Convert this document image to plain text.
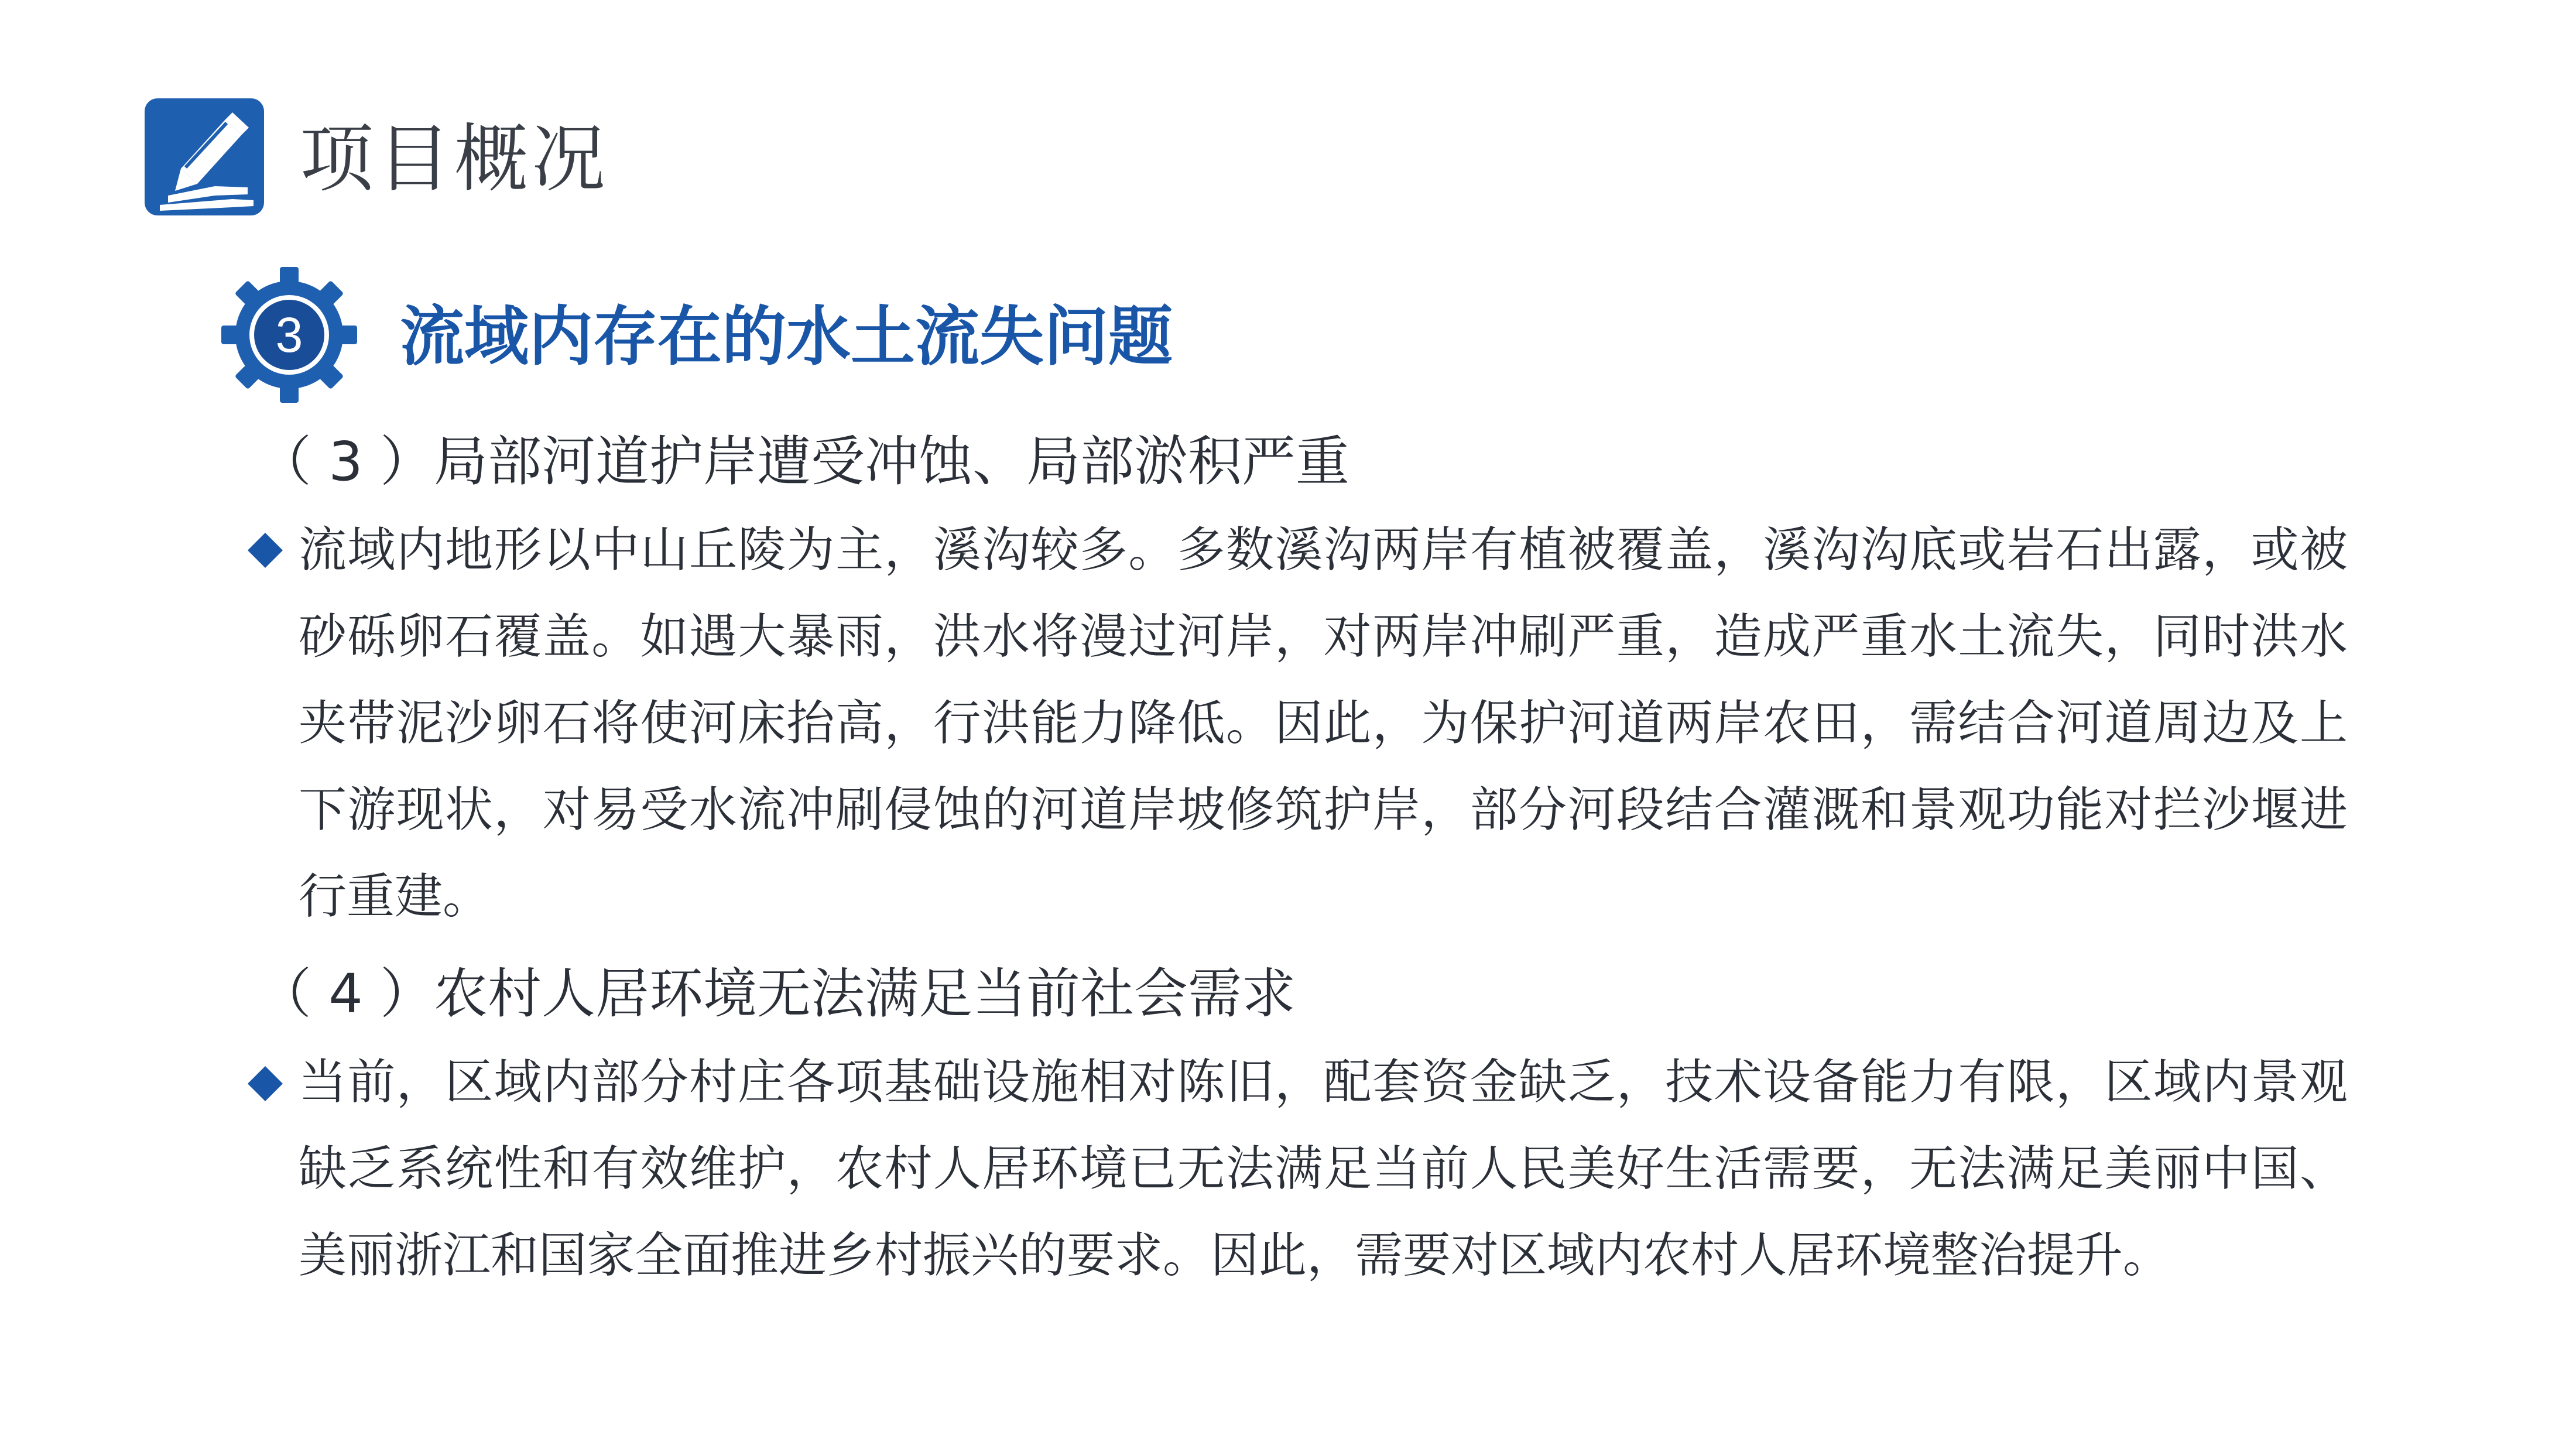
项目概况
3	流域内存在的水土流失问题
（ 3 ）局部河道护岸遭受冲蚀、局部淤积严重
流域内地形以中山丘陵为主，溪沟较多。多数溪沟两岸有植被覆盖，溪沟沟底或岩石出露，或被砂砾卵石覆盖。如遇大暴雨，洪水将漫过河岸，对两岸冲刷严重，造成严重水土流失，同时洪水夹带泥沙卵石将使河床抬高，行洪能力降低。因此，为保护河道两岸农田，需结合河道周边及上下游现状，对易受水流冲刷侵蚀的河道岸坡修筑护岸，部分河段结合灌溉和景观功能对拦沙堰进行重建。
（ 4 ）农村人居环境无法满足当前社会需求
当前，区域内部分村庄各项基础设施相对陈旧，配套资金缺乏，技术设备能力有限，区域内景观缺乏系统性和有效维护，农村人居环境已无法满足当前人民美好生活需要，无法满足美丽中国、美丽浙江和国家全面推进乡村振兴的要求。因此，需要对区域内农村人居环境整治提升。
